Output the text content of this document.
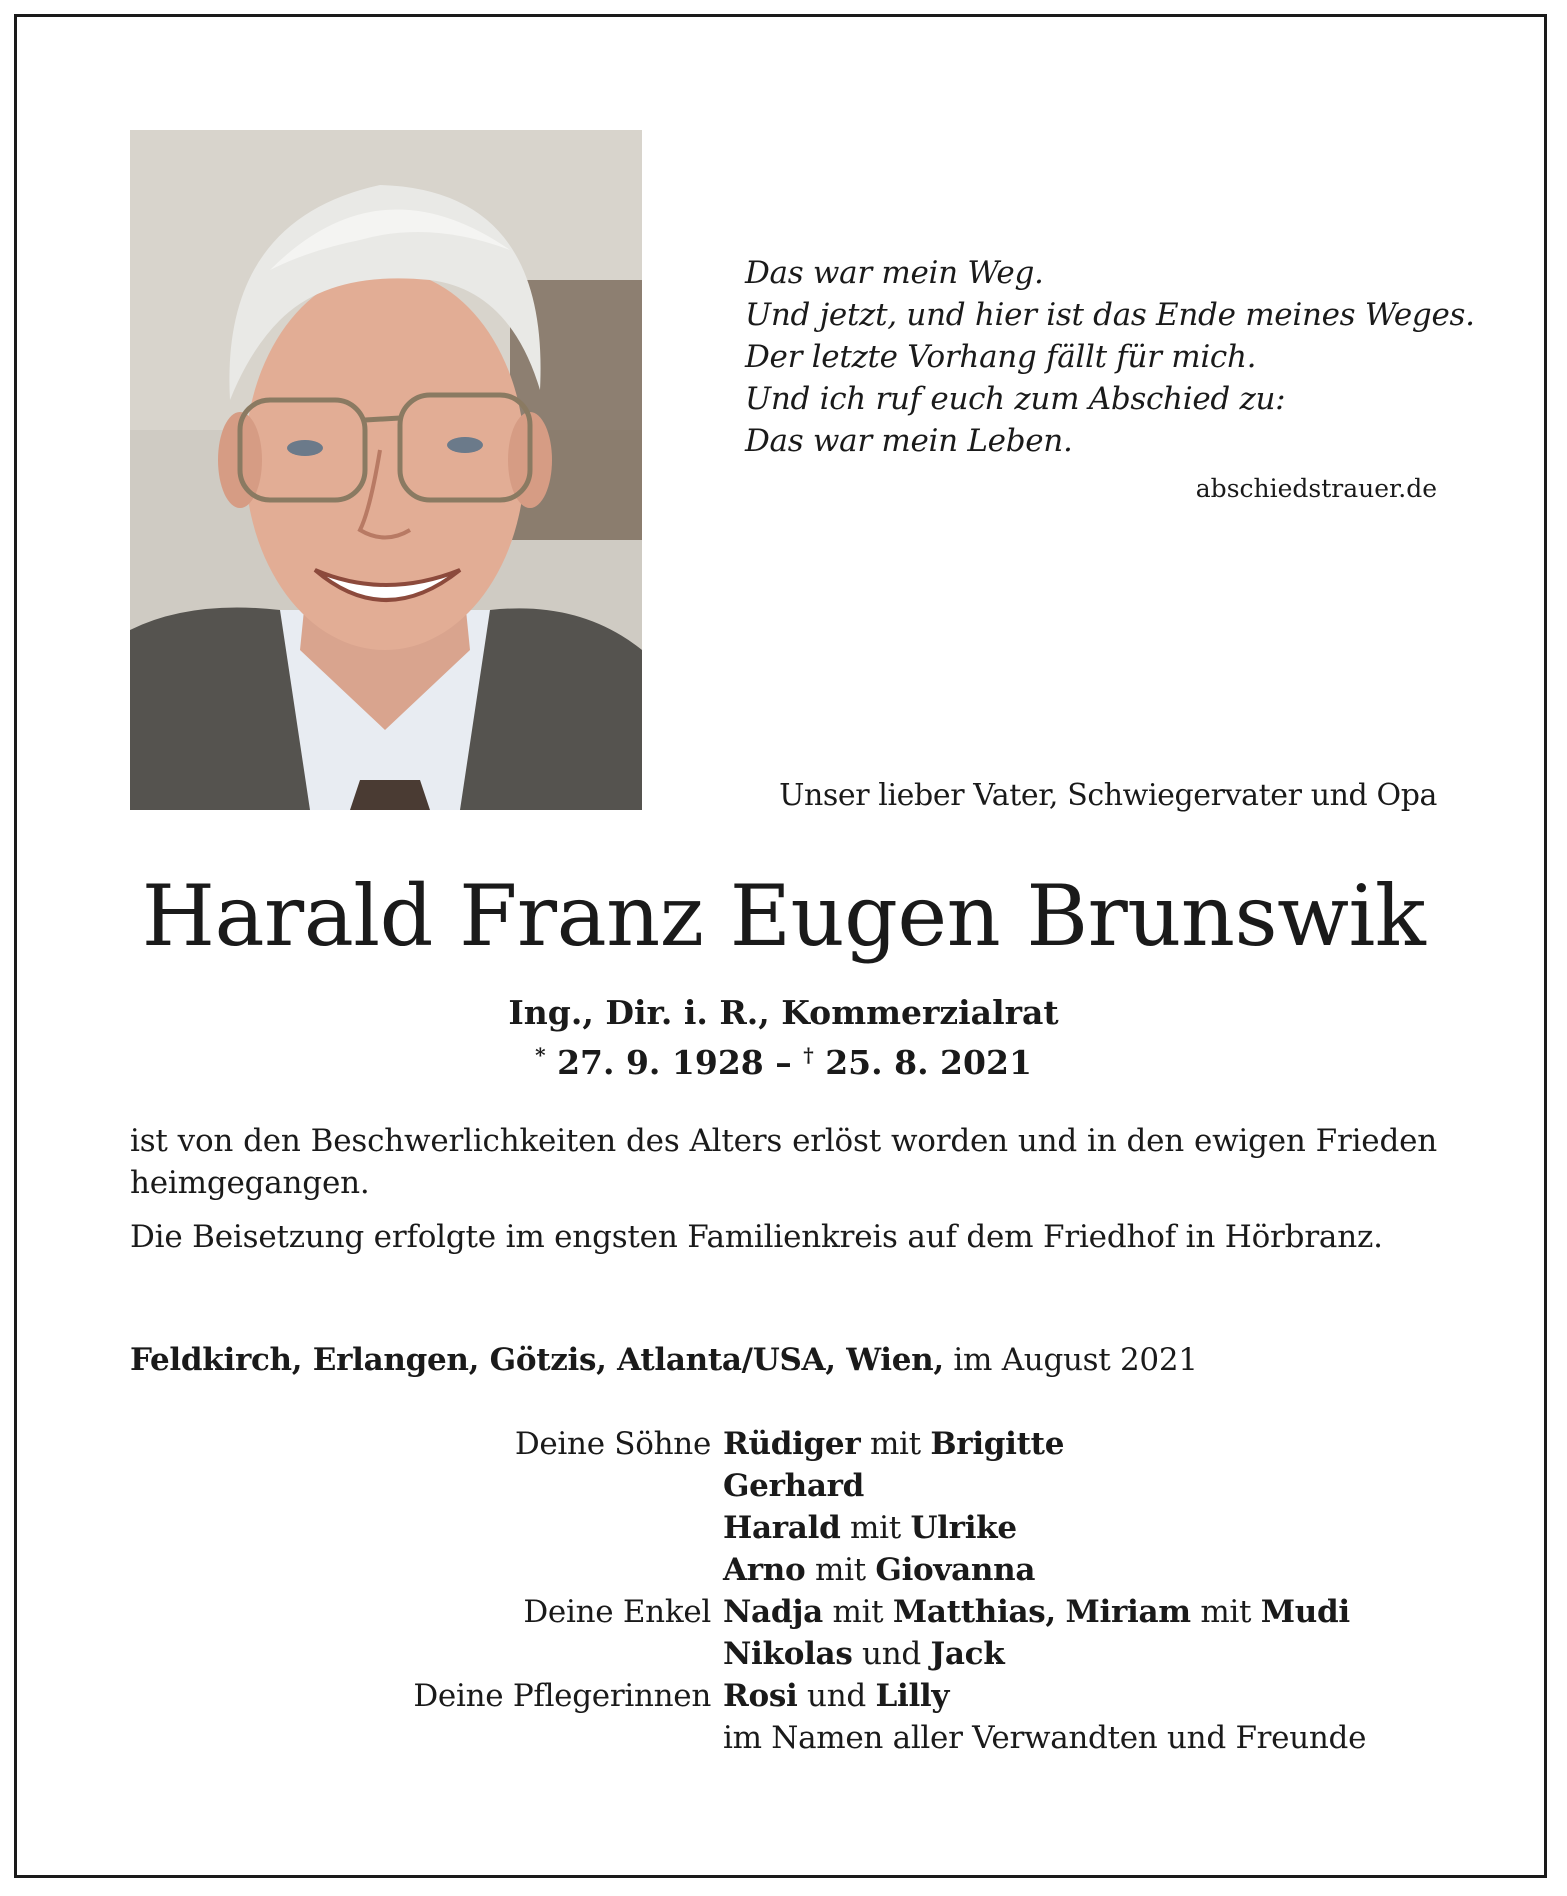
Das war mein Weg.
Und jetzt, und hier ist das Ende meines Weges.
Der letzte Vorhang fällt für mich.
Und ich ruf euch zum Abschied zu:
Das war mein Leben.
abschiedstrauer.de
Unser lieber Vater, Schwiegervater und Opa
Harald Franz Eugen Brunswik
Ing., Dir. i. R., Kommerzialrat
* 27. 9. 1928 – † 25. 8. 2021
ist von den Beschwerlichkeiten des Alters erlöst worden und in den ewigen Frieden heimgegangen.
Die Beisetzung erfolgte im engsten Familienkreis auf dem Friedhof in Hörbranz.
Feldkirch, Erlangen, Götzis, Atlanta/USA, Wien, im August 2021
Deine Söhne Rüdiger mit Brigitte
Gerhard
Harald mit Ulrike
Arno mit Giovanna
Deine Enkel Nadja mit Matthias, Miriam mit Mudi
Nikolas und Jack
Deine Pflegerinnen Rosi und Lilly
im Namen aller Verwandten und Freunde
